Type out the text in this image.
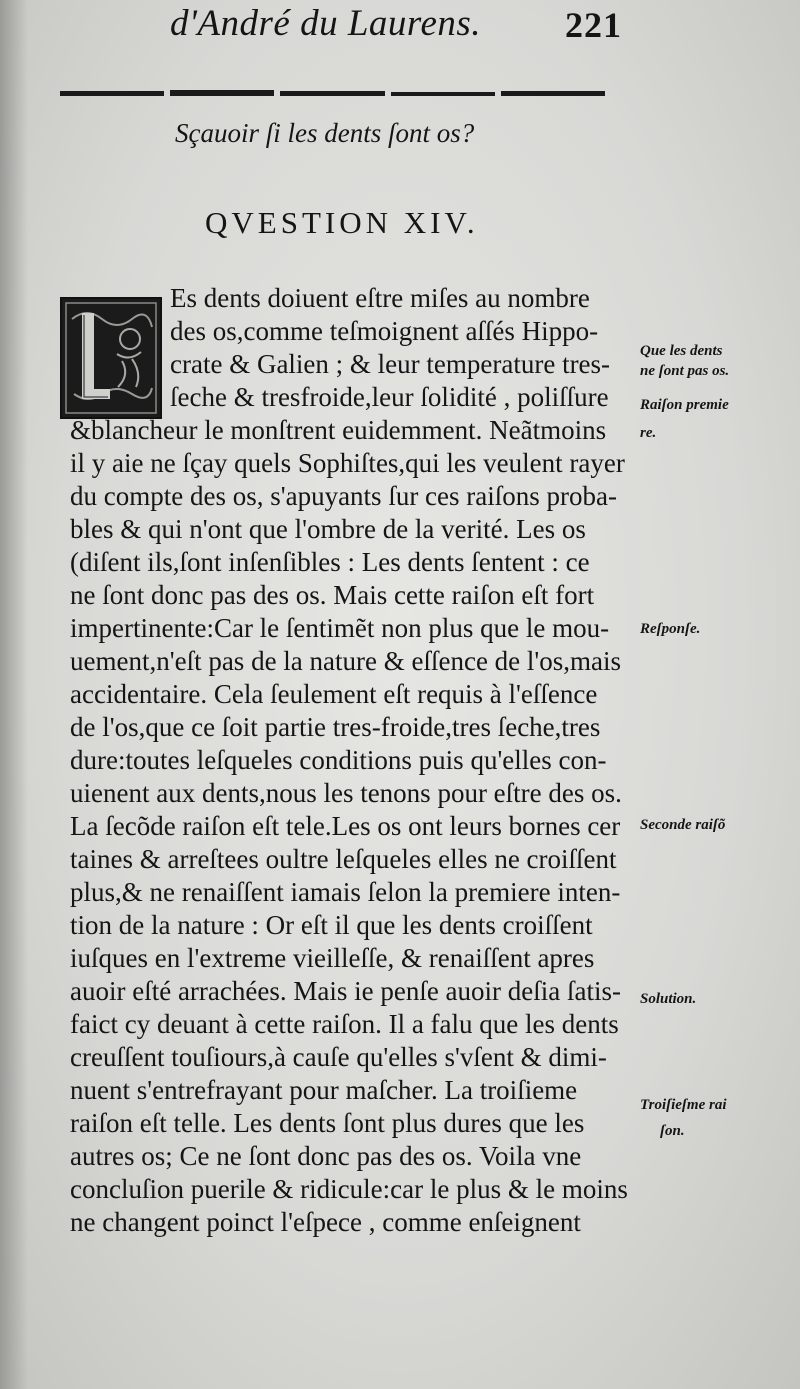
d'André du Laurens. 221
Sçauoir ſi les dents ſont os?
QVESTION XIV.
Es dents doiuent eſtre miſes au nombre
des os,comme teſmoignent aſſés Hippo-
crate & Galien ; & leur temperature tres-
ſeche & tresfroide,leur ſolidité , poliſſure
&blancheur le monſtrent euidemment. Neãtmoins
il y aie ne ſçay quels Sophiſtes,qui les veulent rayer
du compte des os, s'apuyants ſur ces raiſons proba-
bles & qui n'ont que l'ombre de la verité. Les os
(diſent ils,ſont inſenſibles : Les dents ſentent : ce
ne ſont donc pas des os. Mais cette raiſon eſt fort
impertinente:Car le ſentimẽt non plus que le mou-
uement,n'eſt pas de la nature & eſſence de l'os,mais
accidentaire. Cela ſeulement eſt requis à l'eſſence
de l'os,que ce ſoit partie tres-froide,tres ſeche,tres
dure:toutes leſqueles conditions puis qu'elles con-
uienent aux dents,nous les tenons pour eſtre des os.
La ſecõde raiſon eſt tele.Les os ont leurs bornes cer
taines & arreſtees oultre leſqueles elles ne croiſſent
plus,& ne renaiſſent iamais ſelon la premiere inten-
tion de la nature : Or eſt il que les dents croiſſent
iuſques en l'extreme vieilleſſe, & renaiſſent apres
auoir eſté arrachées. Mais ie penſe auoir deſia ſatis-
faict cy deuant à cette raiſon. Il a falu que les dents
creuſſent touſiours,à cauſe qu'elles s'vſent & dimi-
nuent s'entrefrayant pour maſcher. La troiſieme
raiſon eſt telle. Les dents ſont plus dures que les
autres os; Ce ne ſont donc pas des os. Voila vne
concluſion puerile & ridicule:car le plus & le moins
ne changent poinct l'eſpece , comme enſeignent
Que les dents
ne ſont pas os.
Raiſon premie
re.
Reſponſe.
Seconde raiſõ
Solution.
Troiſieſme rai
ſon.
